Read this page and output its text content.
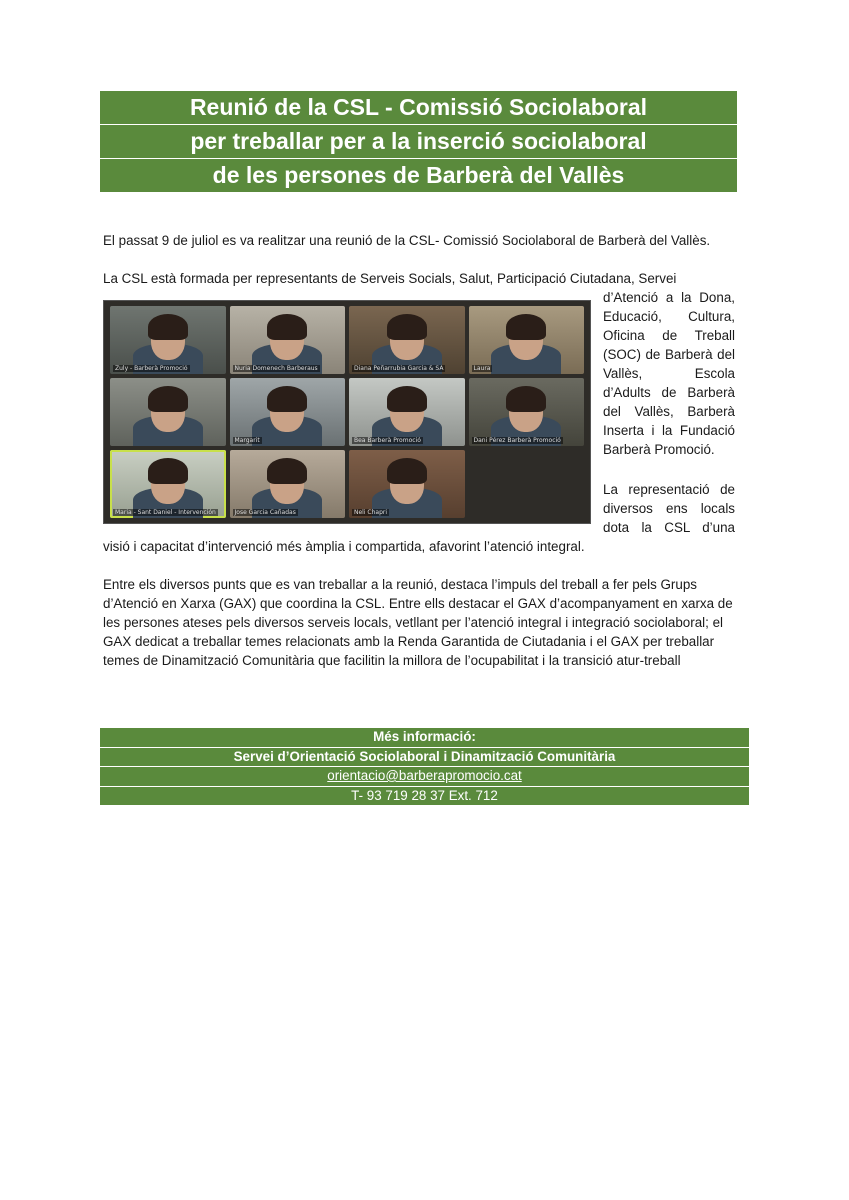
Reunió de la CSL - Comissió Sociolaboral
per treballar per a la inserció sociolaboral
de les persones de Barberà del Vallès

El passat 9 de juliol es va realitzar una reunió de la CSL- Comissió Sociolaboral de Barberà del Vallès.

La CSL està formada per representants de Serveis Socials, Salut, Participació Ciutadana, Servei

d’Atenció a la Dona, Educació, Cultura, Oficina de Treball (SOC) de Barberà del Vallès, Escola d’Adults de Barberà del Vallès, Barberà Inserta i la Fundació
Barberà Promoció.

Zuly - Barberà Promoció	Nuria Domenech Barberaus	Diana Peñarrubia Garcia & SA	Laura
Margarit	Bea Barberà Promoció	Dani Pérez Barberà Promoció
Maria - Sant Daniel - Intervención	Jose Garcia Cañadas	Neli Chapri

La representació de diversos ens locals dota la CSL d’una

visió i capacitat d’intervenció més àmplia i compartida, afavorint l’atenció integral.

Entre els diversos punts que es van treballar a la reunió, destaca l’impuls del treball a fer pels Grups d’Atenció en Xarxa (GAX) que coordina la CSL. Entre ells destacar el GAX d’acompanyament en xarxa de les persones ateses pels diversos serveis locals, vetllant per l’atenció integral i integració sociolaboral; el GAX dedicat a treballar temes relacionats amb la Renda Garantida de Ciutadania i el GAX per treballar temes de Dinamització Comunitària que facilitin la millora de l’ocupabilitat i la transició atur-treball

Més informació:
Servei d’Orientació Sociolaboral i Dinamització Comunitària
orientacio@barberapromocio.cat
T- 93 719 28 37 Ext. 712
